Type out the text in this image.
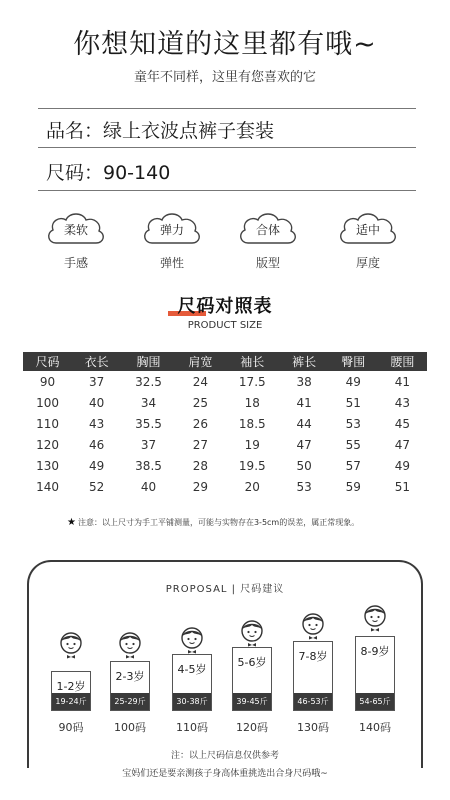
你想知道的这里都有哦~
童年不同样，这里有您喜欢的它
品名：绿上衣波点裤子套装
尺码：90-140
柔软
手感
弹力
弹性
合体
版型
适中
厚度
尺码对照表
PRODUCT SIZE
尺码	衣长	胸围	肩宽	袖长	裤长	臀围	腰围
90	37	32.5	24	17.5	38	49	41
100	40	34	25	18	41	51	43
110	43	35.5	26	18.5	44	53	45
120	46	37	27	19	47	55	47
130	49	38.5	28	19.5	50	57	49
140	52	40	29	20	53	59	51
★ 注意：以上尺寸为手工平铺测量，可能与实物存在3-5cm的误差，属正常现象。
PROPOSAL | 尺码建议
1-2岁
19-24斤
90码
2-3岁
25-29斤
100码
4-5岁
30-38斤
110码
5-6岁
39-45斤
120码
7-8岁
46-53斤
130码
8-9岁
54-65斤
140码
注：以上尺码信息仅供参考
宝妈们还是要亲测孩子身高体重挑选出合身尺码哦~
